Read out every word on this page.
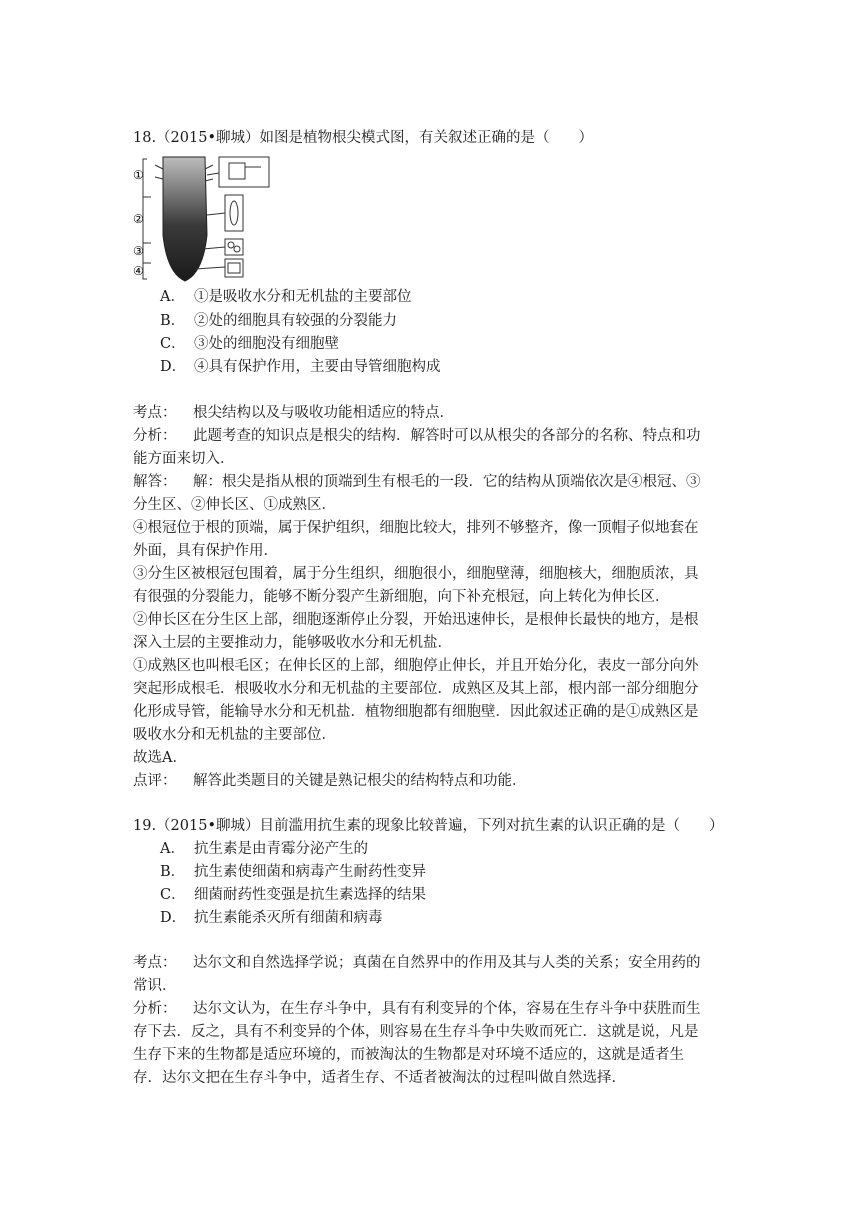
18.（2015•聊城）如图是植物根尖模式图，有关叙述正确的是（　　）
①
②
③
④
A． ①是吸收水分和无机盐的主要部位
B． ②处的细胞具有较强的分裂能力
C． ③处的细胞没有细胞壁
D． ④具有保护作用，主要由导管细胞构成
考点： 根尖结构以及与吸收功能相适应的特点．
分析： 此题考查的知识点是根尖的结构．解答时可以从根尖的各部分的名称、特点和功
能方面来切入．
解答： 解：根尖是指从根的顶端到生有根毛的一段．它的结构从顶端依次是④根冠、③
分生区、②伸长区、①成熟区．
④根冠位于根的顶端，属于保护组织，细胞比较大，排列不够整齐，像一顶帽子似地套在
外面，具有保护作用．
③分生区被根冠包围着，属于分生组织，细胞很小，细胞壁薄，细胞核大，细胞质浓，具
有很强的分裂能力，能够不断分裂产生新细胞，向下补充根冠，向上转化为伸长区．
②伸长区在分生区上部，细胞逐渐停止分裂，开始迅速伸长，是根伸长最快的地方，是根
深入土层的主要推动力，能够吸收水分和无机盐．
①成熟区也叫根毛区；在伸长区的上部，细胞停止伸长，并且开始分化，表皮一部分向外
突起形成根毛．根吸收水分和无机盐的主要部位．成熟区及其上部，根内部一部分细胞分
化形成导管，能输导水分和无机盐．植物细胞都有细胞壁．因此叙述正确的是①成熟区是
吸收水分和无机盐的主要部位．
故选A．
点评： 解答此类题目的关键是熟记根尖的结构特点和功能．
19.（2015•聊城）目前滥用抗生素的现象比较普遍，下列对抗生素的认识正确的是（　　）
A． 抗生素是由青霉分泌产生的
B． 抗生素使细菌和病毒产生耐药性变异
C． 细菌耐药性变强是抗生素选择的结果
D． 抗生素能杀灭所有细菌和病毒
考点： 达尔文和自然选择学说；真菌在自然界中的作用及其与人类的关系；安全用药的
常识．
分析： 达尔文认为，在生存斗争中，具有有利变异的个体，容易在生存斗争中获胜而生
存下去．反之，具有不利变异的个体，则容易在生存斗争中失败而死亡．这就是说，凡是
生存下来的生物都是适应环境的，而被淘汰的生物都是对环境不适应的，这就是适者生
存．达尔文把在生存斗争中，适者生存、不适者被淘汰的过程叫做自然选择．
